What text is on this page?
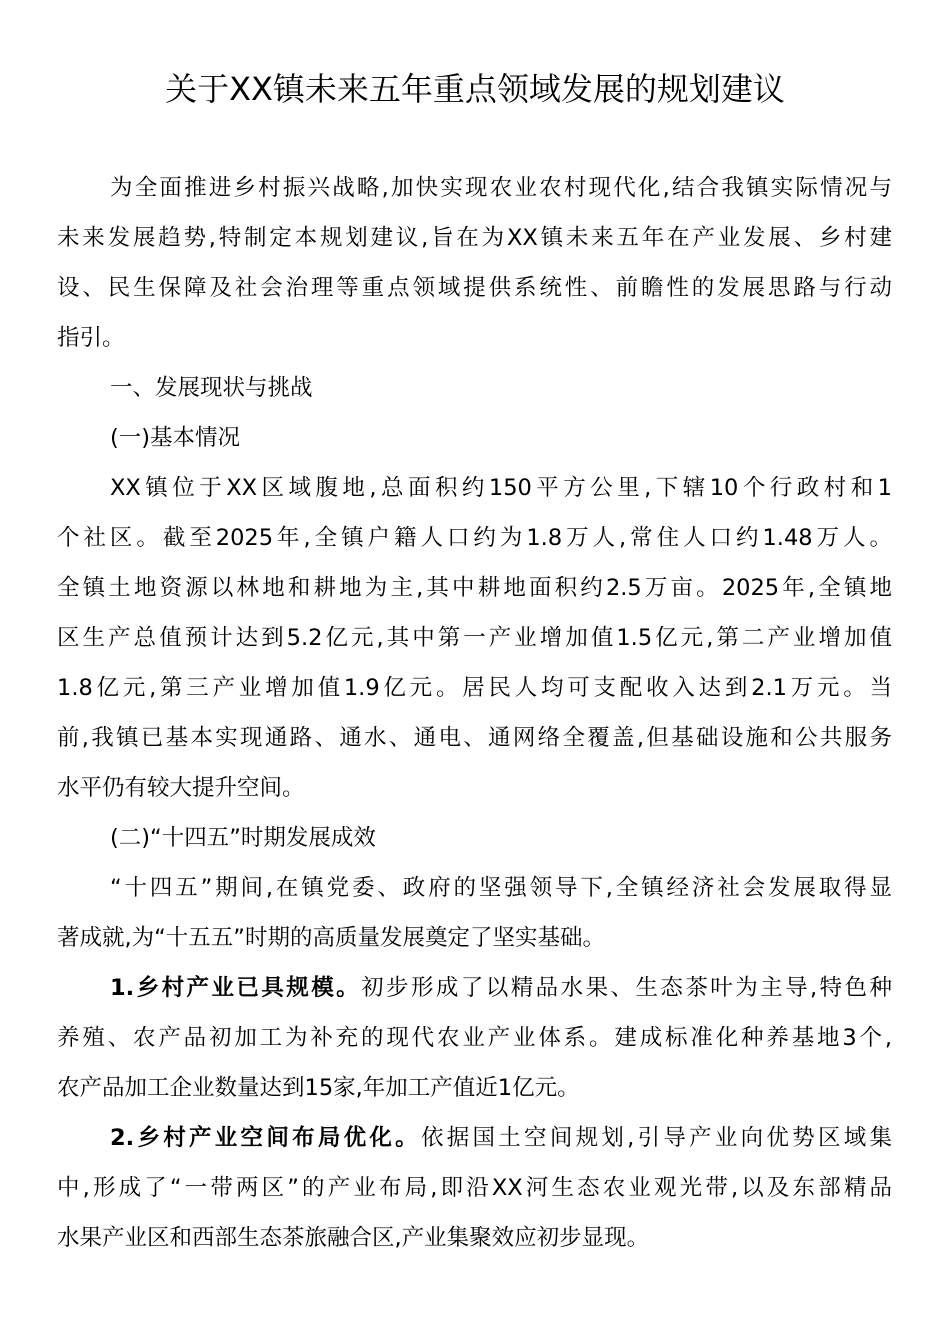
关于XX镇未来五年重点领域发展的规划建议
为全面推进乡村振兴战略,加快实现农业农村现代化,结合我镇实际情况与
未来发展趋势,特制定本规划建议,旨在为XX镇未来五年在产业发展、乡村建
设、民生保障及社会治理等重点领域提供系统性、前瞻性的发展思路与行动
指引。
一、发展现状与挑战
(一)基本情况
XX镇位于XX区域腹地,总面积约150平方公里,下辖10个行政村和1
个社区。截至2025年,全镇户籍人口约为1.8万人,常住人口约1.48万人。
全镇土地资源以林地和耕地为主,其中耕地面积约2.5万亩。2025年,全镇地
区生产总值预计达到5.2亿元,其中第一产业增加值1.5亿元,第二产业增加值
1.8亿元,第三产业增加值1.9亿元。居民人均可支配收入达到2.1万元。当
前,我镇已基本实现通路、通水、通电、通网络全覆盖,但基础设施和公共服务
水平仍有较大提升空间。
(二)“十四五”时期发展成效
“十四五”期间,在镇党委、政府的坚强领导下,全镇经济社会发展取得显
著成就,为“十五五”时期的高质量发展奠定了坚实基础。
1.乡村产业已具规模。初步形成了以精品水果、生态茶叶为主导,特色种
养殖、农产品初加工为补充的现代农业产业体系。建成标准化种养基地3个,
农产品加工企业数量达到15家,年加工产值近1亿元。
2.乡村产业空间布局优化。依据国土空间规划,引导产业向优势区域集
中,形成了“一带两区”的产业布局,即沿XX河生态农业观光带,以及东部精品
水果产业区和西部生态茶旅融合区,产业集聚效应初步显现。
